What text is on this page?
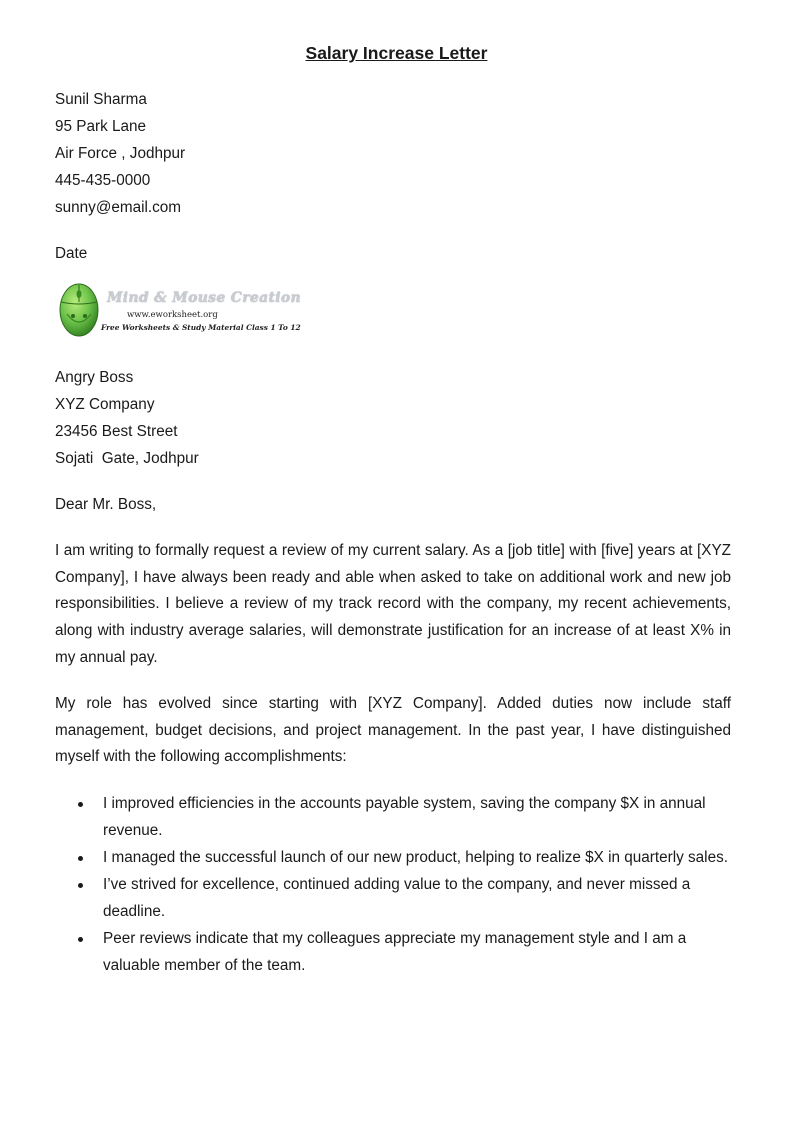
Salary Increase Letter
Sunil Sharma
95 Park Lane
Air Force , Jodhpur
445-435-0000
sunny@email.com
Date
Mind & Mouse Creation
www.eworksheet.org
Free Worksheets & Study Material Class 1 To 12
Angry Boss
XYZ Company
23456 Best Street
Sojati  Gate, Jodhpur
Dear Mr. Boss,
I am writing to formally request a review of my current salary. As a [job title] with [five] years at [XYZ Company], I have always been ready and able when asked to take on additional work and new job responsibilities. I believe a review of my track record with the company, my recent achievements, along with industry average salaries, will demonstrate justification for an increase of at least X% in my annual pay.
My role has evolved since starting with [XYZ Company]. Added duties now include staff management, budget decisions, and project management. In the past year, I have distinguished myself with the following accomplishments:
I improved efficiencies in the accounts payable system, saving the company $X in annual revenue.
I managed the successful launch of our new product, helping to realize $X in quarterly sales.
I’ve strived for excellence, continued adding value to the company, and never missed a deadline.
Peer reviews indicate that my colleagues appreciate my management style and I am a valuable member of the team.
